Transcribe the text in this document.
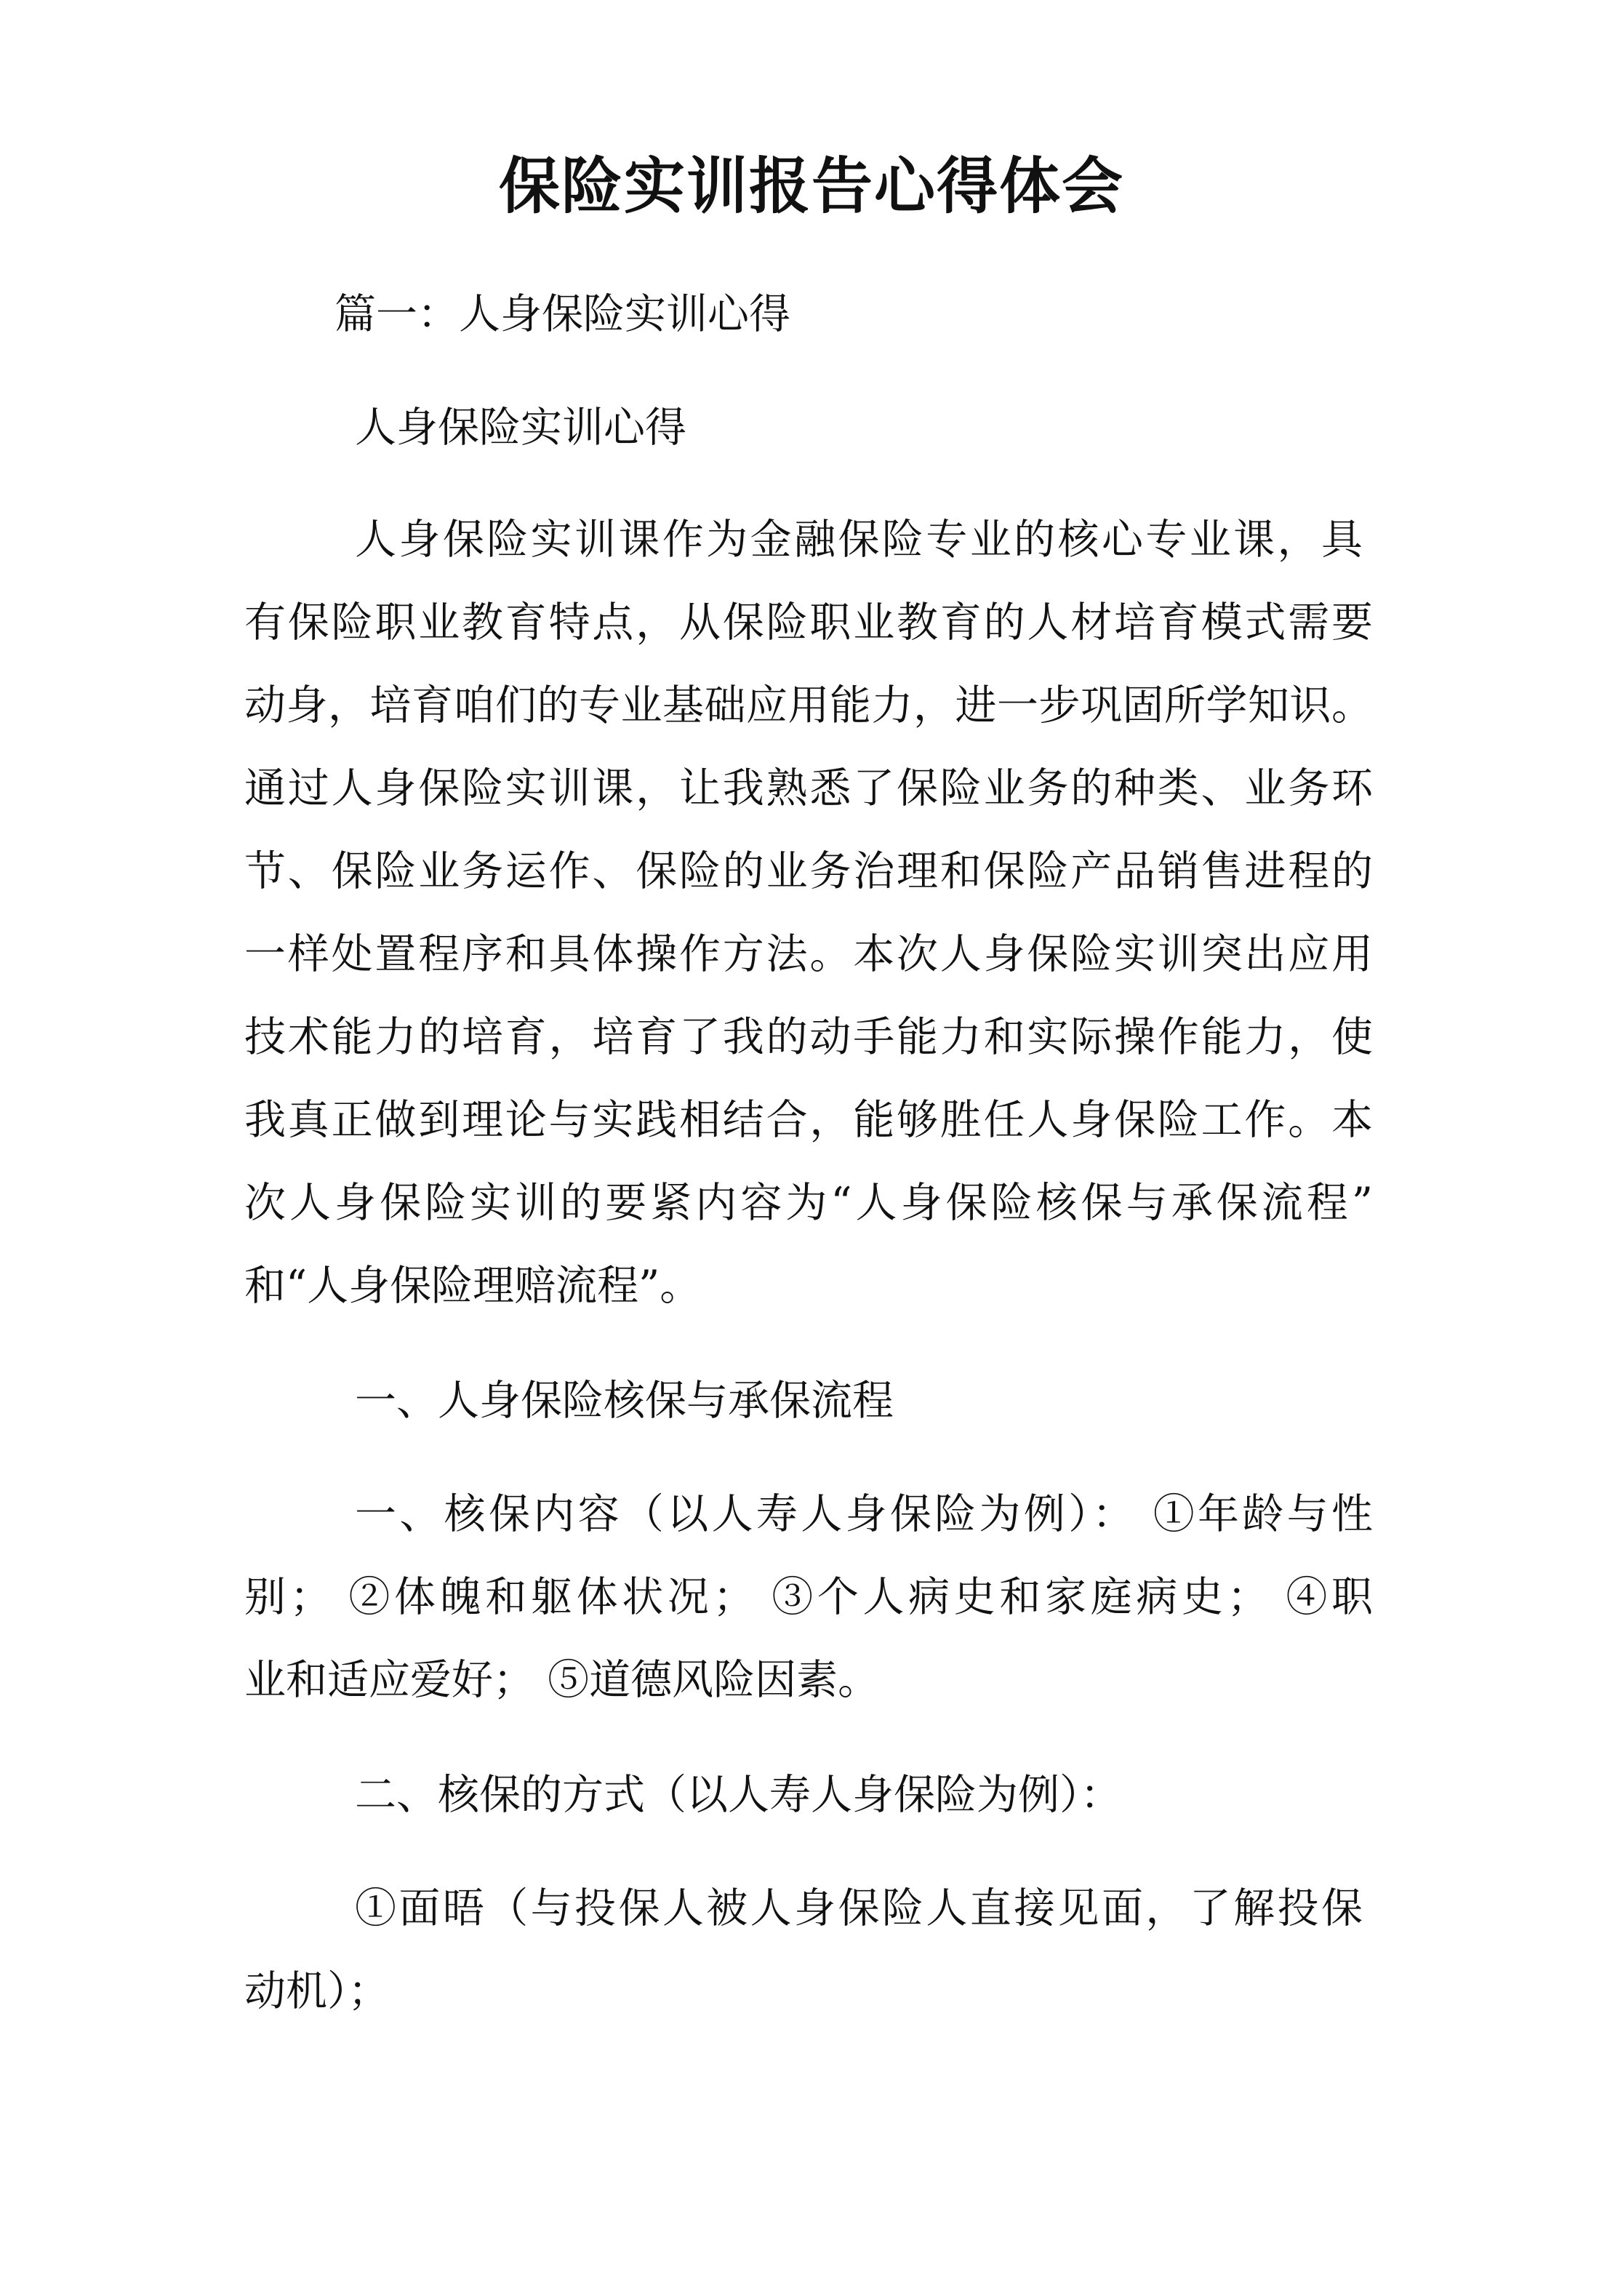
保险实训报告心得体会
篇一：人身保险实训心得
人身保险实训心得
人身保险实训课作为金融保险专业的核心专业课，具
有保险职业教育特点，从保险职业教育的人材培育模式需要
动身，培育咱们的专业基础应用能力，进一步巩固所学知识。
通过人身保险实训课，让我熟悉了保险业务的种类、业务环
节、保险业务运作、保险的业务治理和保险产品销售进程的
一样处置程序和具体操作方法。本次人身保险实训突出应用
技术能力的培育，培育了我的动手能力和实际操作能力，使
我真正做到理论与实践相结合，能够胜任人身保险工作。本
次人身保险实训的要紧内容为“人身保险核保与承保流程”
和“人身保险理赔流程”。
一、人身保险核保与承保流程
一、核保内容（以人寿人身保险为例）： ①年龄与性
别； ②体魄和躯体状况； ③个人病史和家庭病史； ④职
业和适应爱好； ⑤道德风险因素。
二、核保的方式（以人寿人身保险为例）：
①面晤（与投保人被人身保险人直接见面，了解投保
动机）；
